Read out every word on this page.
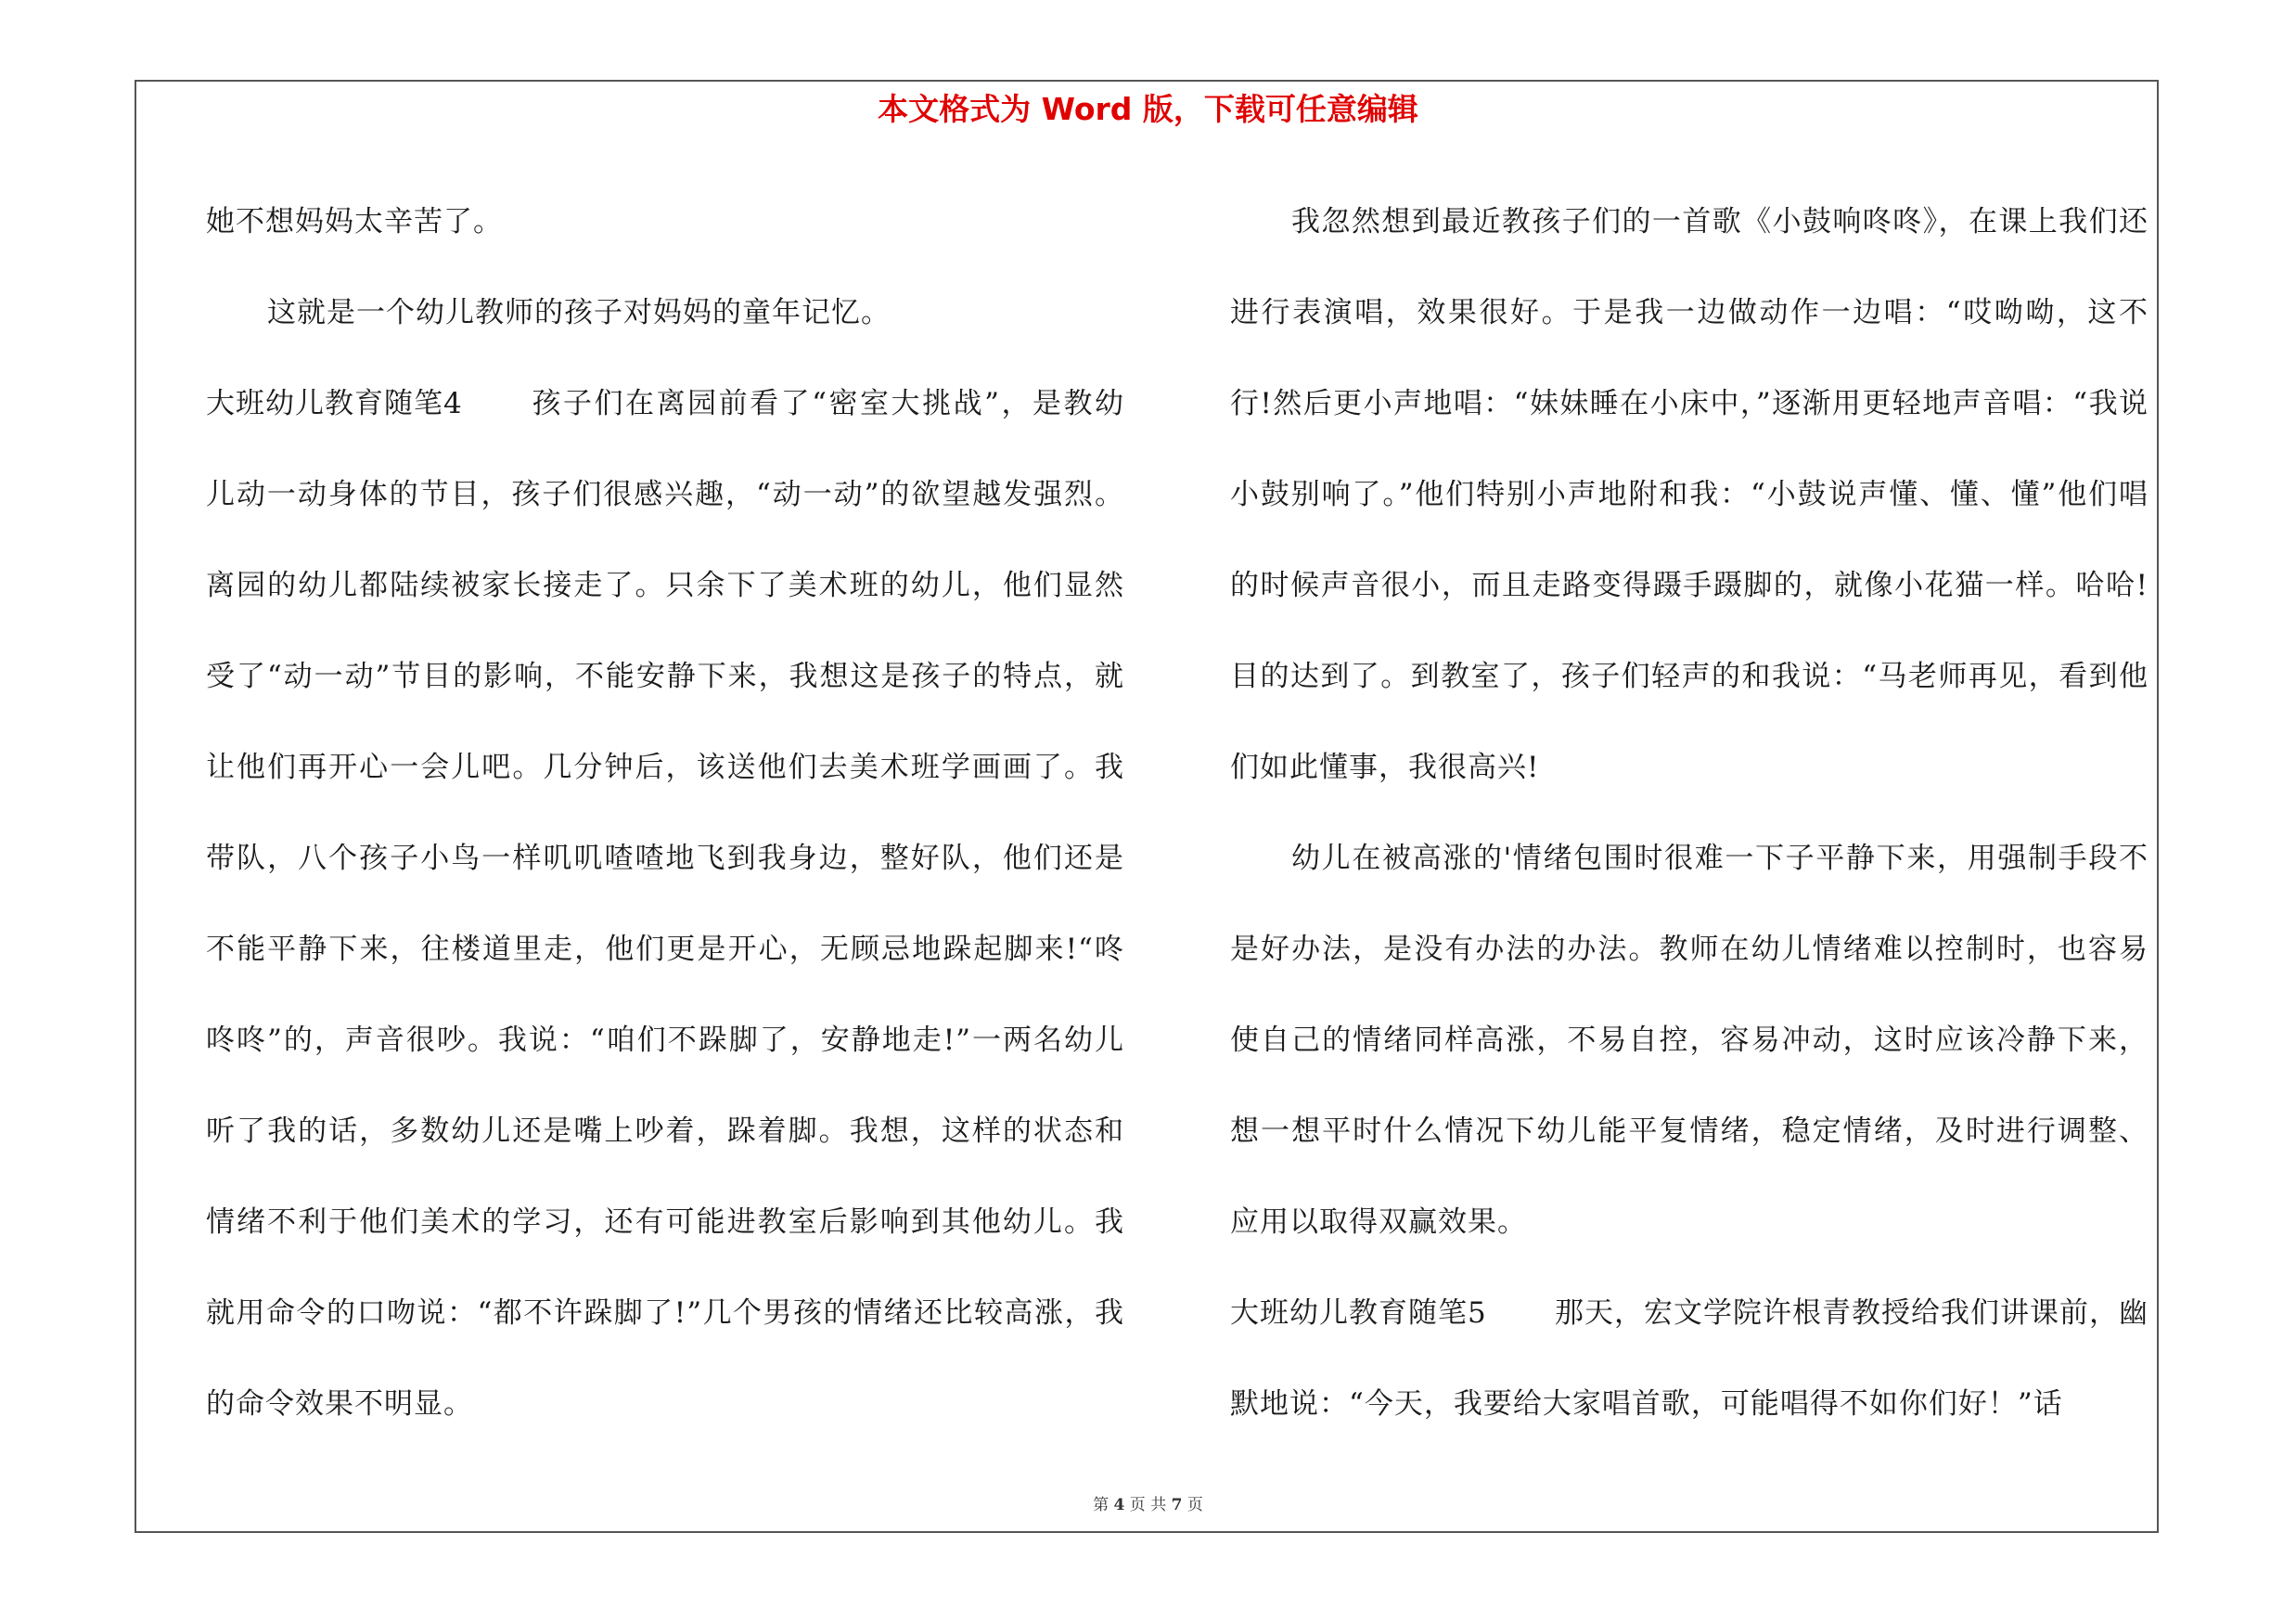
本文格式为 Word 版，下载可任意编辑

她不想妈妈太辛苦了。

这就是一个幼儿教师的孩子对妈妈的童年记忆。

大班幼儿教育随笔4 孩子们在离园前看了“密室大挑战”，是教幼儿动一动身体的节目，孩子们很感兴趣，“动一动”的欲望越发强烈。离园的幼儿都陆续被家长接走了。只余下了美术班的幼儿，他们显然受了“动一动”节目的影响，不能安静下来，我想这是孩子的特点，就让他们再开心一会儿吧。几分钟后，该送他们去美术班学画画了。我带队，八个孩子小鸟一样叽叽喳喳地飞到我身边，整好队，他们还是不能平静下来，往楼道里走，他们更是开心，无顾忌地跺起脚来!“咚咚咚”的，声音很吵。我说：“咱们不跺脚了，安静地走!”一两名幼儿听了我的话，多数幼儿还是嘴上吵着，跺着脚。我想，这样的状态和情绪不利于他们美术的学习，还有可能进教室后影响到其他幼儿。我就用命令的口吻说：“都不许跺脚了!”几个男孩的情绪还比较高涨，我的命令效果不明显。

我忽然想到最近教孩子们的一首歌《小鼓响咚咚》，在课上我们还进行表演唱，效果很好。于是我一边做动作一边唱：“哎呦呦，这不行!然后更小声地唱：“妹妹睡在小床中，”逐渐用更轻地声音唱：“我说小鼓别响了。”他们特别小声地附和我：“小鼓说声懂、懂、懂”他们唱的时候声音很小，而且走路变得蹑手蹑脚的，就像小花猫一样。哈哈!目的达到了。到教室了，孩子们轻声的和我说：“马老师再见，看到他们如此懂事，我很高兴!

幼儿在被高涨的'情绪包围时很难一下子平静下来，用强制手段不是好办法，是没有办法的办法。教师在幼儿情绪难以控制时，也容易使自己的情绪同样高涨，不易自控，容易冲动，这时应该冷静下来，想一想平时什么情况下幼儿能平复情绪，稳定情绪，及时进行调整、应用以取得双赢效果。

大班幼儿教育随笔5 那天，宏文学院许根青教授给我们讲课前，幽默地说：“今天，我要给大家唱首歌，可能唱得不如你们好！”话

第 4 页 共 7 页
